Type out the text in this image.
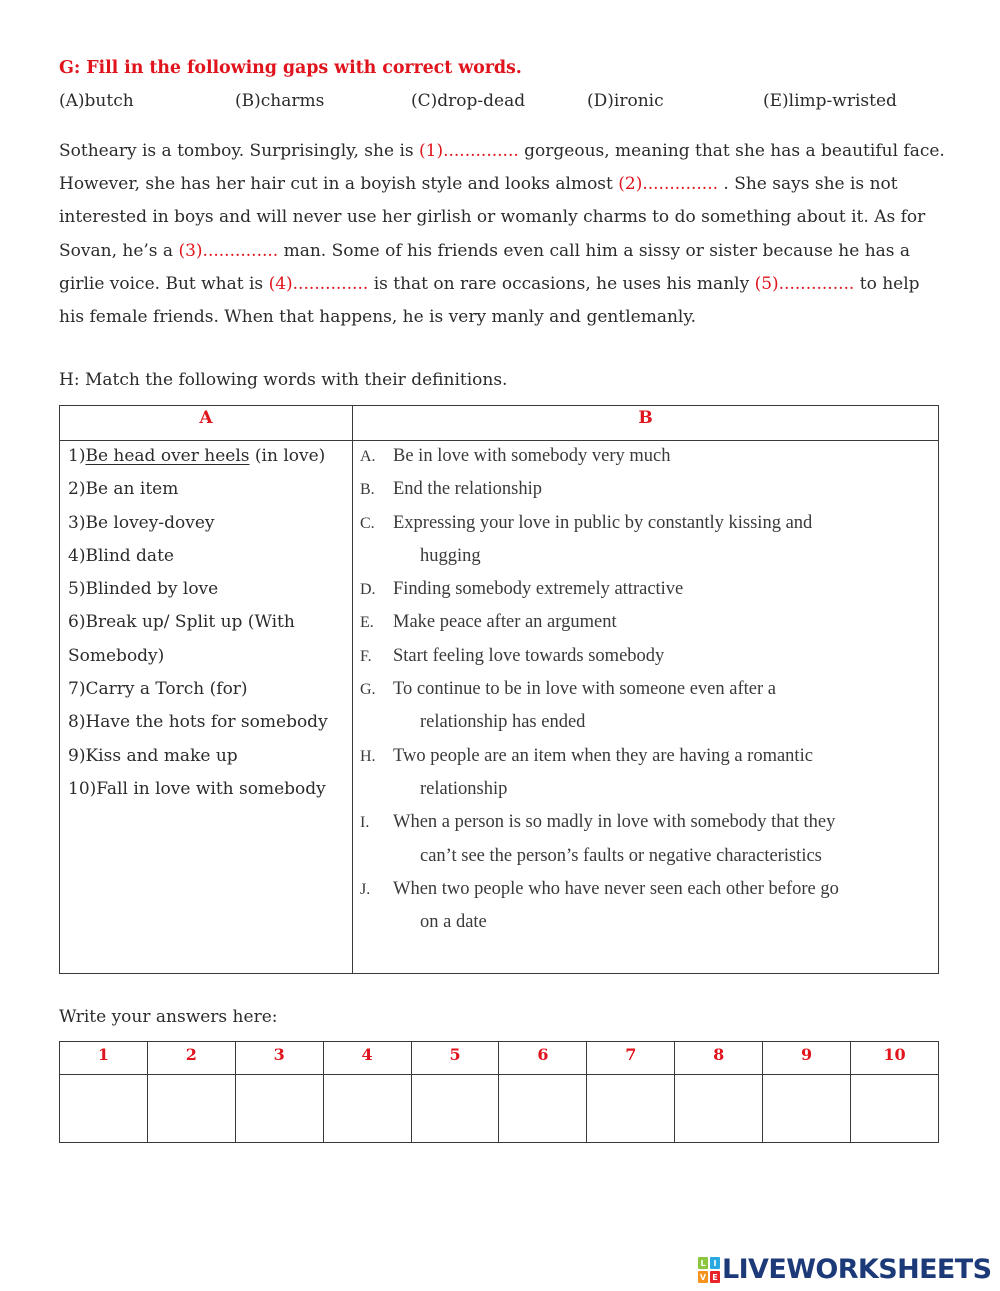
G: Fill in the following gaps with correct words.
(A)butch	(B)charms	(C)drop-dead	(D)ironic	(E)limp-wristed
Sotheary is a tomboy. Surprisingly, she is (1).............. gorgeous, meaning that she has a beautiful face.
However, she has her hair cut in a boyish style and looks almost (2).............. . She says she is not
interested in boys and will never use her girlish or womanly charms to do something about it. As for
Sovan, he’s a (3).............. man. Some of his friends even call him a sissy or sister because he has a
girlie voice. But what is (4).............. is that on rare occasions, he uses his manly (5).............. to help
his female friends. When that happens, he is very manly and gentlemanly.
H: Match the following words with their definitions.
A	B
1)Be head over heels (in love)
2)Be an item
3)Be lovey-dovey
4)Blind date
5)Blinded by love
6)Break up/ Split up (With
Somebody)
7)Carry a Torch (for)
8)Have the hots for somebody
9)Kiss and make up
10)Fall in love with somebody
A. Be in love with somebody very much
B. End the relationship
C. Expressing your love in public by constantly kissing and
hugging
D. Finding somebody extremely attractive
E. Make peace after an argument
F. Start feeling love towards somebody
G. To continue to be in love with someone even after a
relationship has ended
H. Two people are an item when they are having a romantic
relationship
I. When a person is so madly in love with somebody that they
can’t see the person’s faults or negative characteristics
J. When two people who have never seen each other before go
on a date
Write your answers here:
1	2	3	4	5	6	7	8	9	10

L I
V E LIVEWORKSHEETS
